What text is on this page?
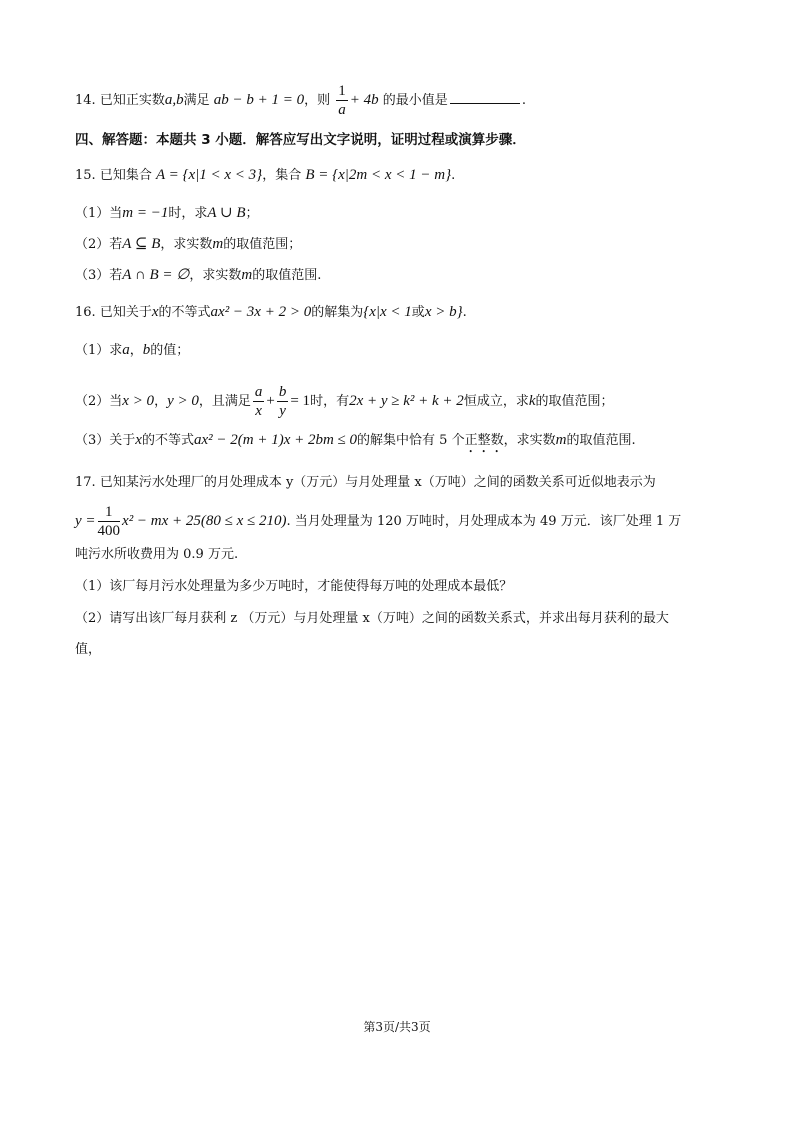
14. 已知正实数a,b满足 ab − b + 1 = 0，则 $\frac{1}{a} + 4b$ 的最小值是	.
四、解答题：本题共 3 小题．解答应写出文字说明，证明过程或演算步骤．
15. 已知集合 A = {x|1 < x < 3}，集合 B = {x|2m < x < 1 − m}.
（1）当m = −1时，求A ∪ B；
（2）若A ⊆ B，求实数m的取值范围；
（3）若A ∩ B = ∅，求实数m的取值范围.
16. 已知关于x的不等式ax² − 3x + 2 > 0的解集为{x|x < 1或x > b}.
（1）求a，b的值；
（2）当x > 0，y > 0，且满足 $\frac{a}{x} + \frac{b}{y} = 1$时，有2x + y ≥ k² + k + 2恒成立，求k的取值范围；
（3）关于x的不等式ax² − 2(m + 1)x + 2bm ≤ 0的解集中恰有 5 个正整数，求实数m的取值范围.
17. 已知某污水处理厂的月处理成本 y（万元）与月处理量 x（万吨）之间的函数关系可近似地表示为
$y = \frac{1}{400} x^2$ − mx + 25(80 ≤ x ≤ 210). 当月处理量为 120 万吨时，月处理成本为 49 万元．该厂处理 1 万
吨污水所收费用为 0.9 万元.
（1）该厂每月污水处理量为多少万吨时，才能使得每万吨的处理成本最低？
（2）请写出该厂每月获利 z （万元）与月处理量 x（万吨）之间的函数关系式，并求出每月获利的最大
值，
第3页/共3页
